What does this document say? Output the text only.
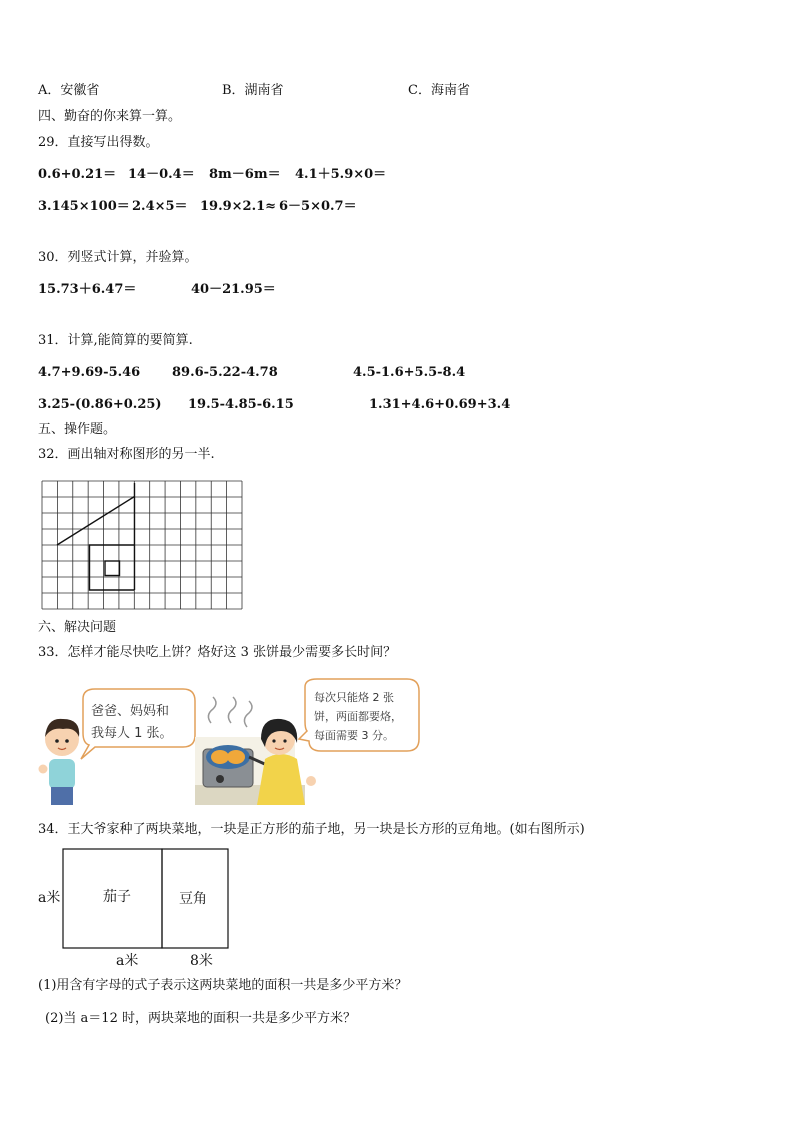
A．安徽省	B．湖南省	C．海南省
四、勤奋的你来算一算。
29．直接写出得数。
0.6+0.21＝ 14－0.4＝ 8m－6m＝ 4.1＋5.9×0＝
3.145×100＝ 2.4×5＝ 19.9×2.1≈ 6－5×0.7＝
30．列竖式计算，并验算。
15.73＋6.47＝	40－21.95＝
31．计算,能简算的要简算.
4.7+9.69-5.46 89.6-5.22-4.78	4.5-1.6+5.5-8.4
3.25-(0.86+0.25) 19.5-4.85-6.15	1.31+4.6+0.69+3.4
五、操作题。
32．画出轴对称图形的另一半.
六、解决问题
33．怎样才能尽快吃上饼？烙好这 3 张饼最少需要多长时间？
爸爸、妈妈和
我每人 1 张。
每次只能烙 2 张
饼，两面都要烙，
每面需要 3 分。
34．王大爷家种了两块菜地，一块是正方形的茄子地，另一块是长方形的豆角地。(如右图所示)
a米	茄子	豆角
a米	8米
(1)用含有字母的式子表示这两块菜地的面积一共是多少平方米？
(2)当 a＝12 时，两块菜地的面积一共是多少平方米？
